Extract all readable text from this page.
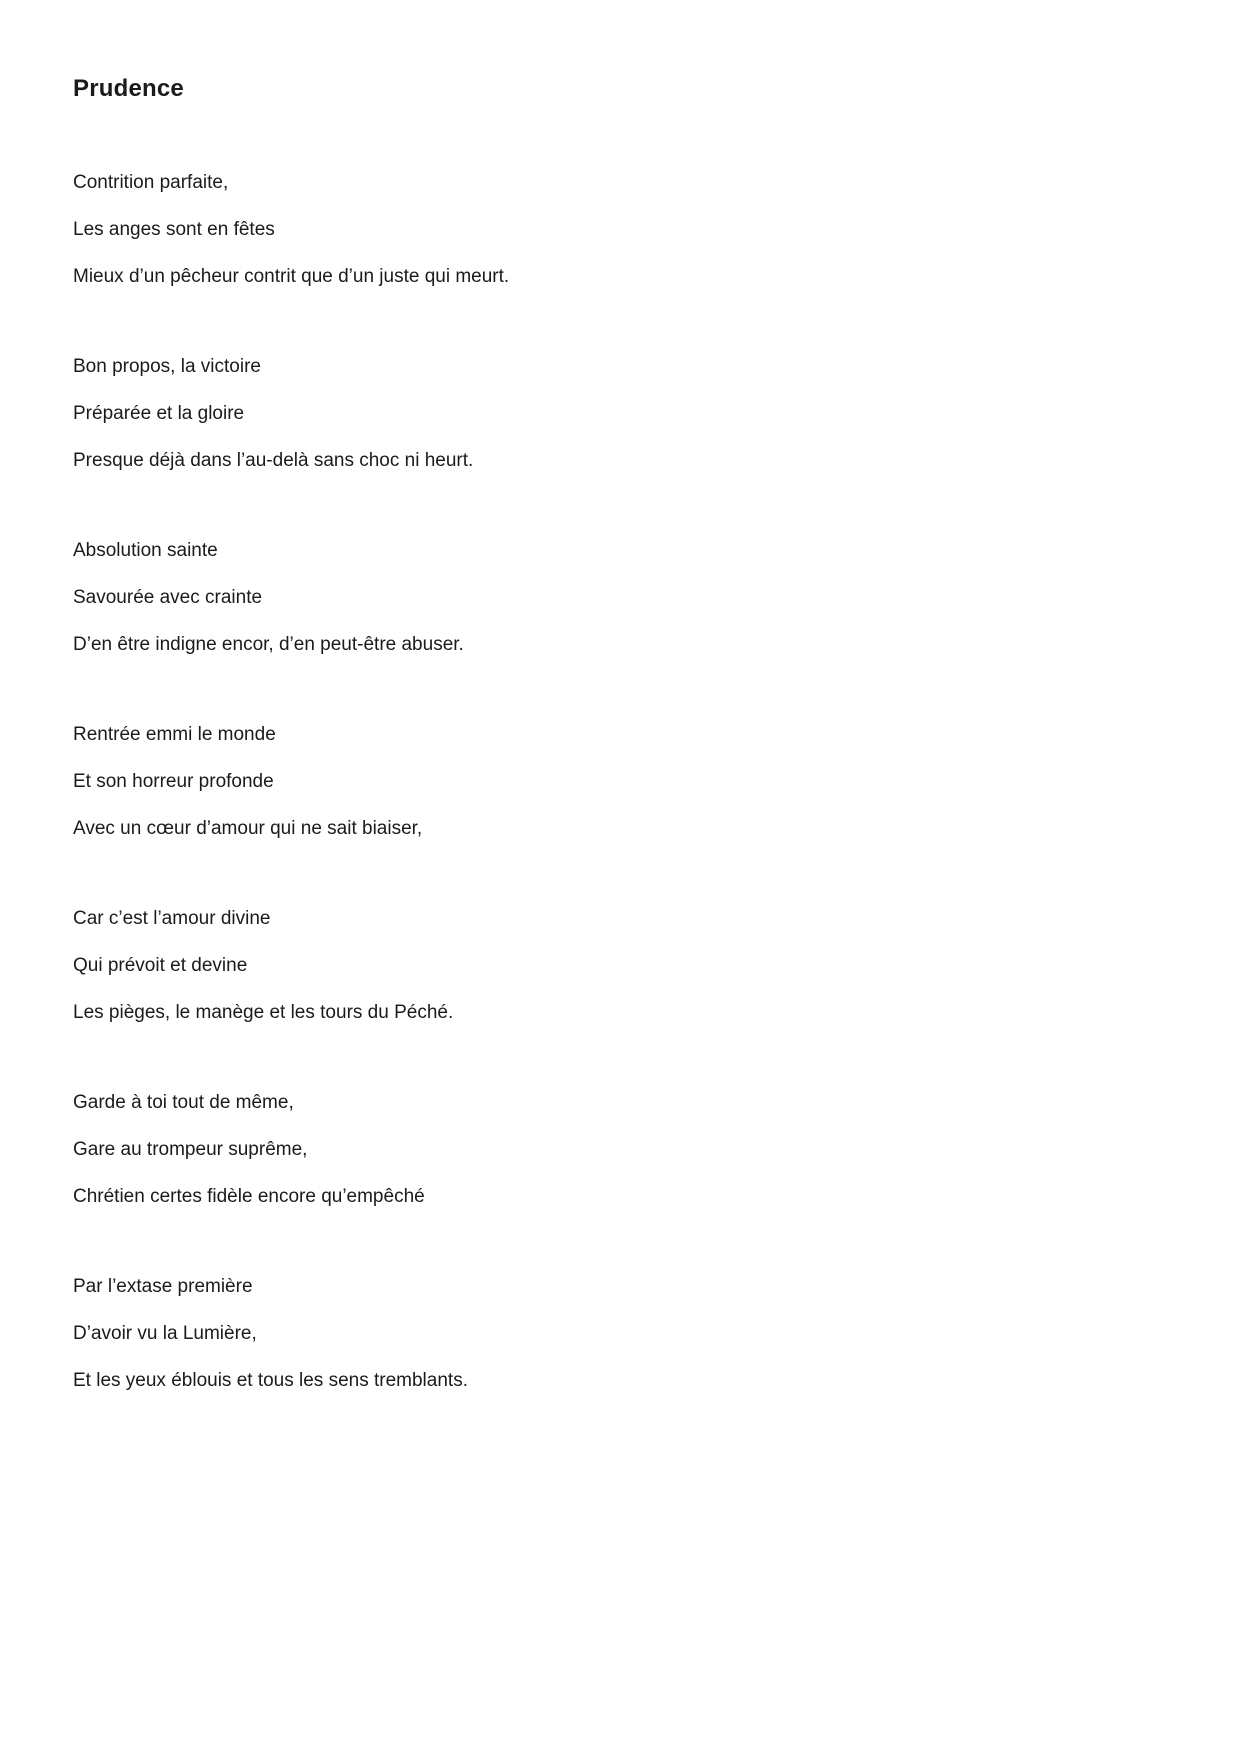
Prudence

Contrition parfaite,

Les anges sont en fêtes

Mieux d’un pêcheur contrit que d’un juste qui meurt.

Bon propos, la victoire

Préparée et la gloire

Presque déjà dans l’au-delà sans choc ni heurt.

Absolution sainte

Savourée avec crainte

D’en être indigne encor, d’en peut-être abuser.

Rentrée emmi le monde

Et son horreur profonde

Avec un cœur d’amour qui ne sait biaiser,

Car c’est l’amour divine

Qui prévoit et devine

Les pièges, le manège et les tours du Péché.

Garde à toi tout de même,

Gare au trompeur suprême,

Chrétien certes fidèle encore qu’empêché

Par l’extase première

D’avoir vu la Lumière,

Et les yeux éblouis et tous les sens tremblants.
